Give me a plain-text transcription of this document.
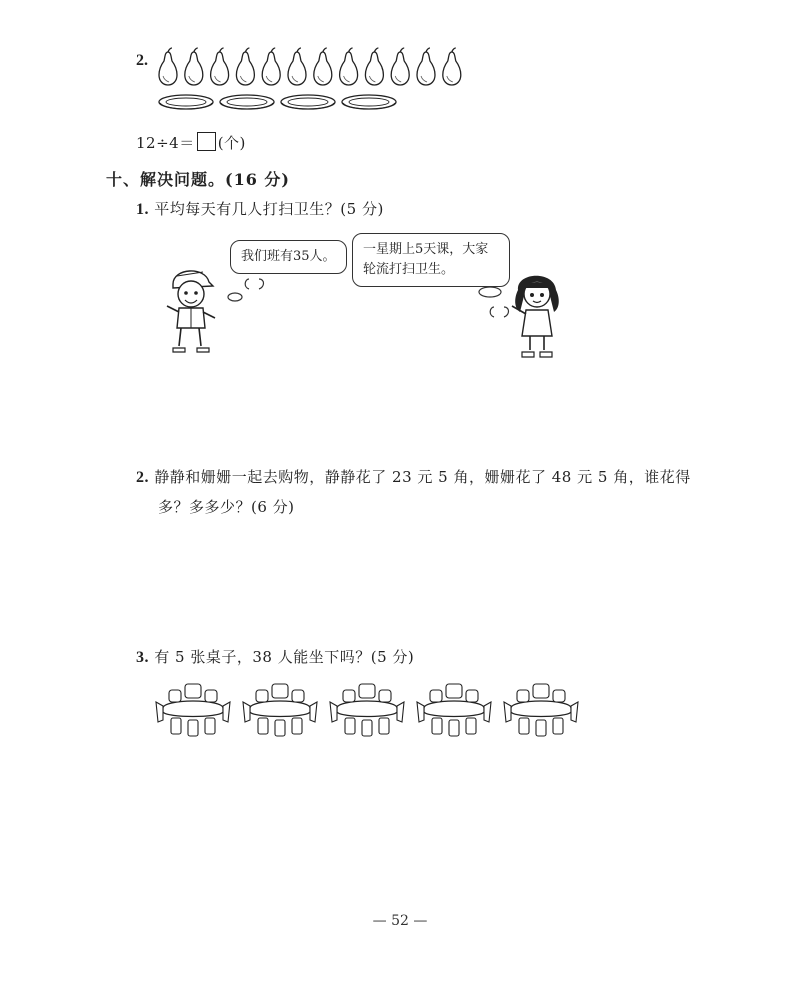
2.
12÷4＝ (个)
十、解决问题。(16 分)
1. 平均每天有几人打扫卫生？(5 分)
我们班有35人。	一星期上5天课，大家
轮流打扫卫生。
2. 静静和姗姗一起去购物，静静花了 23 元 5 角，姗姗花了 48 元 5 角，谁花得
多？多多少？(6 分)
3. 有 5 张桌子，38 人能坐下吗？(5 分)
— 52 —
